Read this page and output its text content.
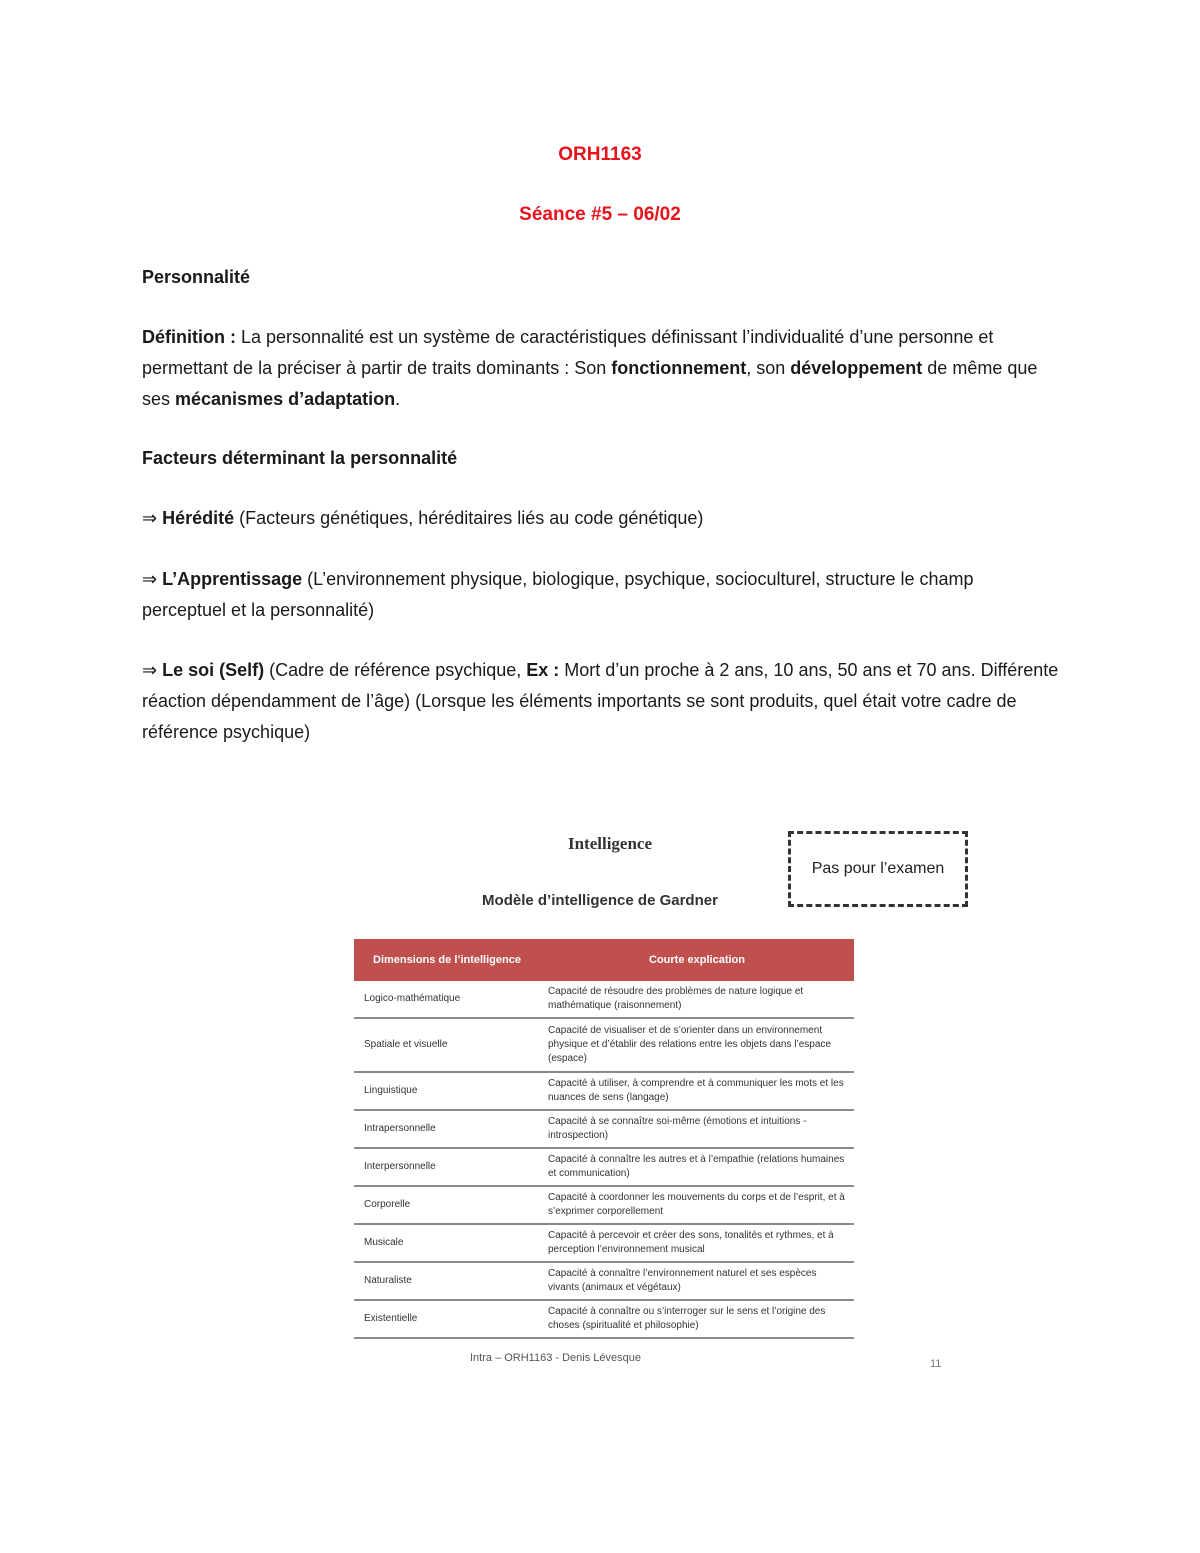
ORH1163
Séance #5 – 06/02
Personnalité
Définition : La personnalité est un système de caractéristiques définissant l’individualité d’une personne et permettant de la préciser à partir de traits dominants : Son fonctionnement, son développement de même que ses mécanismes d’adaptation.
Facteurs déterminant la personnalité
⇒ Hérédité (Facteurs génétiques, héréditaires liés au code génétique)
⇒ L’Apprentissage (L’environnement physique, biologique, psychique, socioculturel, structure le champ perceptuel et la personnalité)
⇒ Le soi (Self) (Cadre de référence psychique, Ex : Mort d’un proche à 2 ans, 10 ans, 50 ans et 70 ans. Différente réaction dépendamment de l’âge) (Lorsque les éléments importants se sont produits, quel était votre cadre de référence psychique)
Intelligence
Modèle d’intelligence de Gardner
Pas pour l’examen
Dimensions de l’intelligence	Courte explication
Logico-mathématique	Capacité de résoudre des problèmes de nature logique et mathématique (raisonnement)
Spatiale et visuelle	Capacité de visualiser et de s’orienter dans un environnement physique et d’établir des relations entre les objets dans l’espace (espace)
Linguistique	Capacité à utiliser, à comprendre et à communiquer les mots et les nuances de sens (langage)
Intrapersonnelle	Capacité à se connaître soi-même (émotions et intuitions - introspection)
Interpersonnelle	Capacité à connaître les autres et à l’empathie (relations humaines et communication)
Corporelle	Capacité à coordonner les mouvements du corps et de l’esprit, et à s’exprimer corporellement
Musicale	Capacité à percevoir et créer des sons, tonalités et rythmes, et à perception l’environnement musical
Naturaliste	Capacité à connaître l’environnement naturel et ses espèces vivants (animaux et végétaux)
Existentielle	Capacité à connaître ou s’interroger sur le sens et l’origine des choses (spiritualité et philosophie)
Intra – ORH1163 - Denis Lévesque	11
